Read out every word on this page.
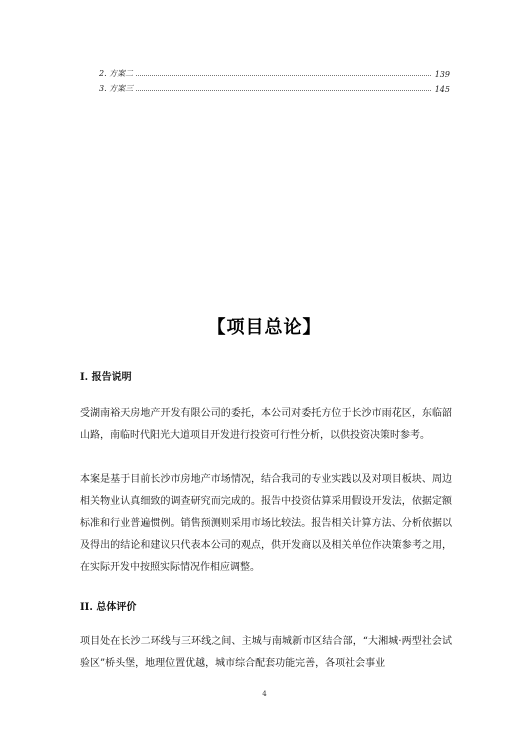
2. 方案二	139
3. 方案三	145
【项目总论】
I. 报告说明

受湖南裕天房地产开发有限公司的委托，本公司对委托方位于长沙市雨花区，东临韶山路，南临时代阳光大道项目开发进行投资可行性分析，以供投资决策时参考。

本案是基于目前长沙市房地产市场情况，结合我司的专业实践以及对项目板块、周边相关物业认真细致的调查研究而完成的。报告中投资估算采用假设开发法，依据定额标准和行业普遍惯例。销售预测则采用市场比较法。报告相关计算方法、分析依据以及得出的结论和建议只代表本公司的观点，供开发商以及相关单位作决策参考之用，在实际开发中按照实际情况作相应调整。

II. 总体评价

项目处在长沙二环线与三环线之间、主城与南城新市区结合部，“大湘城·两型社会试验区”桥头堡，地理位置优越，城市综合配套功能完善，各项社会事业

4
